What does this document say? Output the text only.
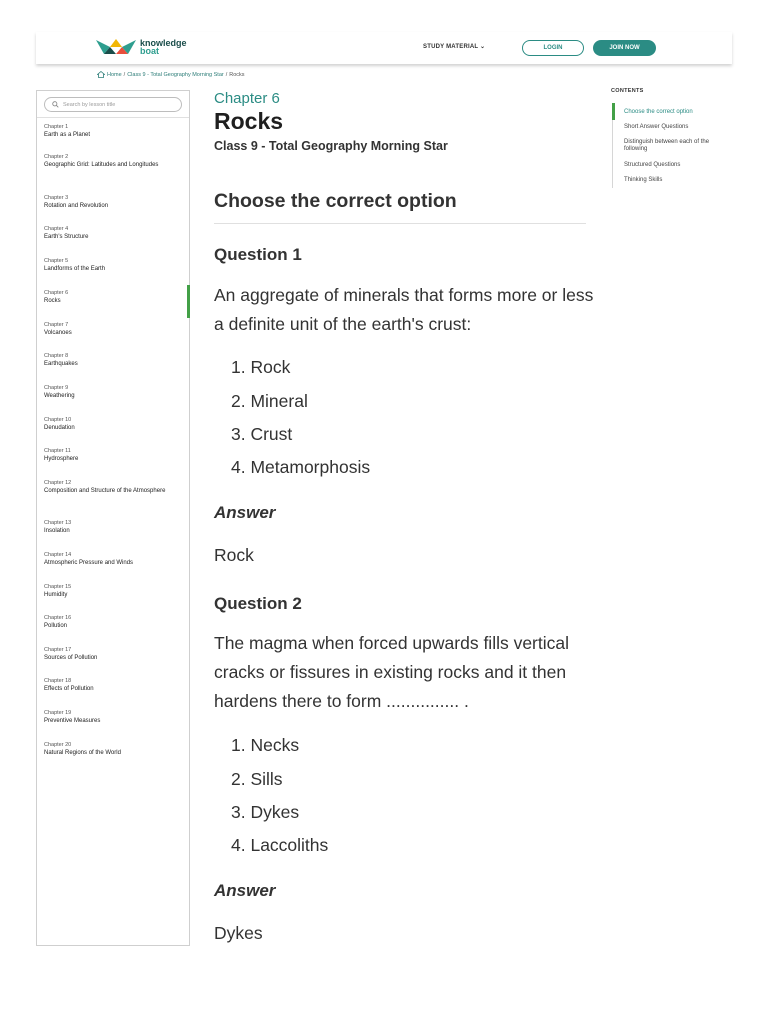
knowledge
boat	STUDY MATERIAL ⌄	LOGIN	JOIN NOW
Home / Class 9 - Total Geography Morning Star / Rocks
Search by lesson title
Chapter 1
Earth as a Planet
Chapter 2
Geographic Grid: Latitudes and Longitudes
Chapter 3
Rotation and Revolution
Chapter 4
Earth's Structure
Chapter 5
Landforms of the Earth
Chapter 6
Rocks
Chapter 7
Volcanoes
Chapter 8
Earthquakes
Chapter 9
Weathering
Chapter 10
Denudation
Chapter 11
Hydrosphere
Chapter 12
Composition and Structure of the Atmosphere
Chapter 13
Insolation
Chapter 14
Atmospheric Pressure and Winds
Chapter 15
Humidity
Chapter 16
Pollution
Chapter 17
Sources of Pollution
Chapter 18
Effects of Pollution
Chapter 19
Preventive Measures
Chapter 20
Natural Regions of the World
Chapter 6
Rocks
Class 9 - Total Geography Morning Star
Choose the correct option
Question 1
An aggregate of minerals that forms more or less a definite unit of the earth's crust:
1. Rock
2. Mineral
3. Crust
4. Metamorphosis
Answer
Rock
Question 2
The magma when forced upwards fills vertical cracks or fissures in existing rocks and it then hardens there to form ............... .
1. Necks
2. Sills
3. Dykes
4. Laccoliths
Answer
Dykes
CONTENTS
Choose the correct option
Short Answer Questions
Distinguish between each of the following
Structured Questions
Thinking Skills
